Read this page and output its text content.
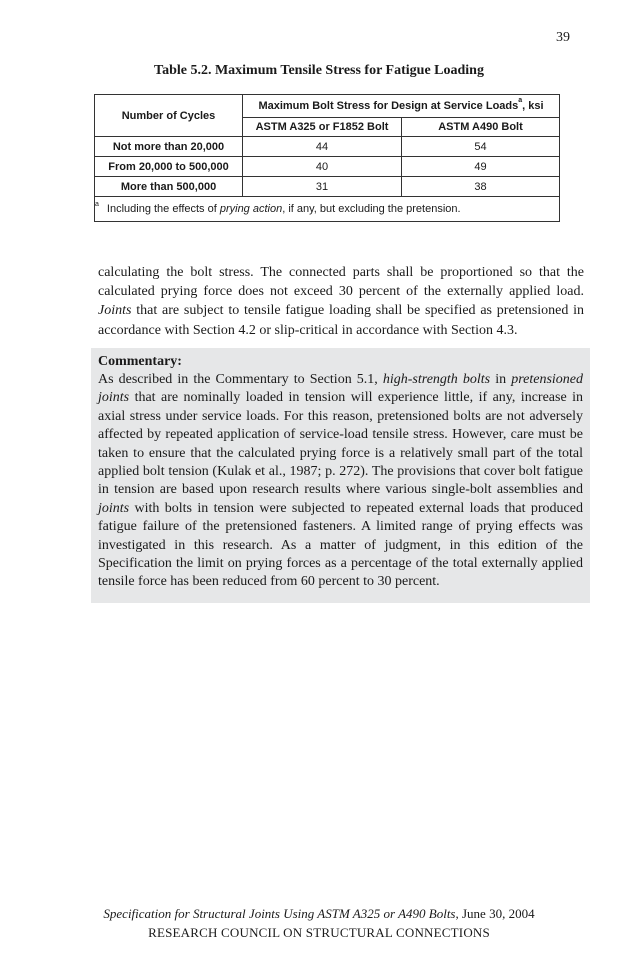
39
Table 5.2. Maximum Tensile Stress for Fatigue Loading
Number of Cycles	Maximum Bolt Stress for Design at Service Loads$^a$, ksi	
	ASTM A325 or F1852 Bolt	ASTM A490 Bolt
Not more than 20,000	44	54
From 20,000 to 500,000	40	49
More than 500,000	31	38
$^a$ Including the effects of prying action, if any, but excluding the pretension.		

calculating the bolt stress. The connected parts shall be proportioned so that the calculated prying force does not exceed 30 percent of the externally applied load. Joints that are subject to tensile fatigue loading shall be specified as pretensioned in accordance with Section 4.2 or slip-critical in accordance with Section 4.3.

Commentary:

As described in the Commentary to Section 5.1, high-strength bolts in pretensioned joints that are nominally loaded in tension will experience little, if any, increase in axial stress under service loads. For this reason, pretensioned bolts are not adversely affected by repeated application of service-load tensile stress. However, care must be taken to ensure that the calculated prying force is a relatively small part of the total applied bolt tension (Kulak et al., 1987; p. 272). The provisions that cover bolt fatigue in tension are based upon research results where various single-bolt assemblies and joints with bolts in tension were subjected to repeated external loads that produced fatigue failure of the pretensioned fasteners. A limited range of prying effects was investigated in this research. As a matter of judgment, in this edition of the Specification the limit on prying forces as a percentage of the total externally applied tensile force has been reduced from 60 percent to 30 percent.

Specification for Structural Joints Using ASTM A325 or A490 Bolts, June 30, 2004
RESEARCH COUNCIL ON STRUCTURAL CONNECTIONS
